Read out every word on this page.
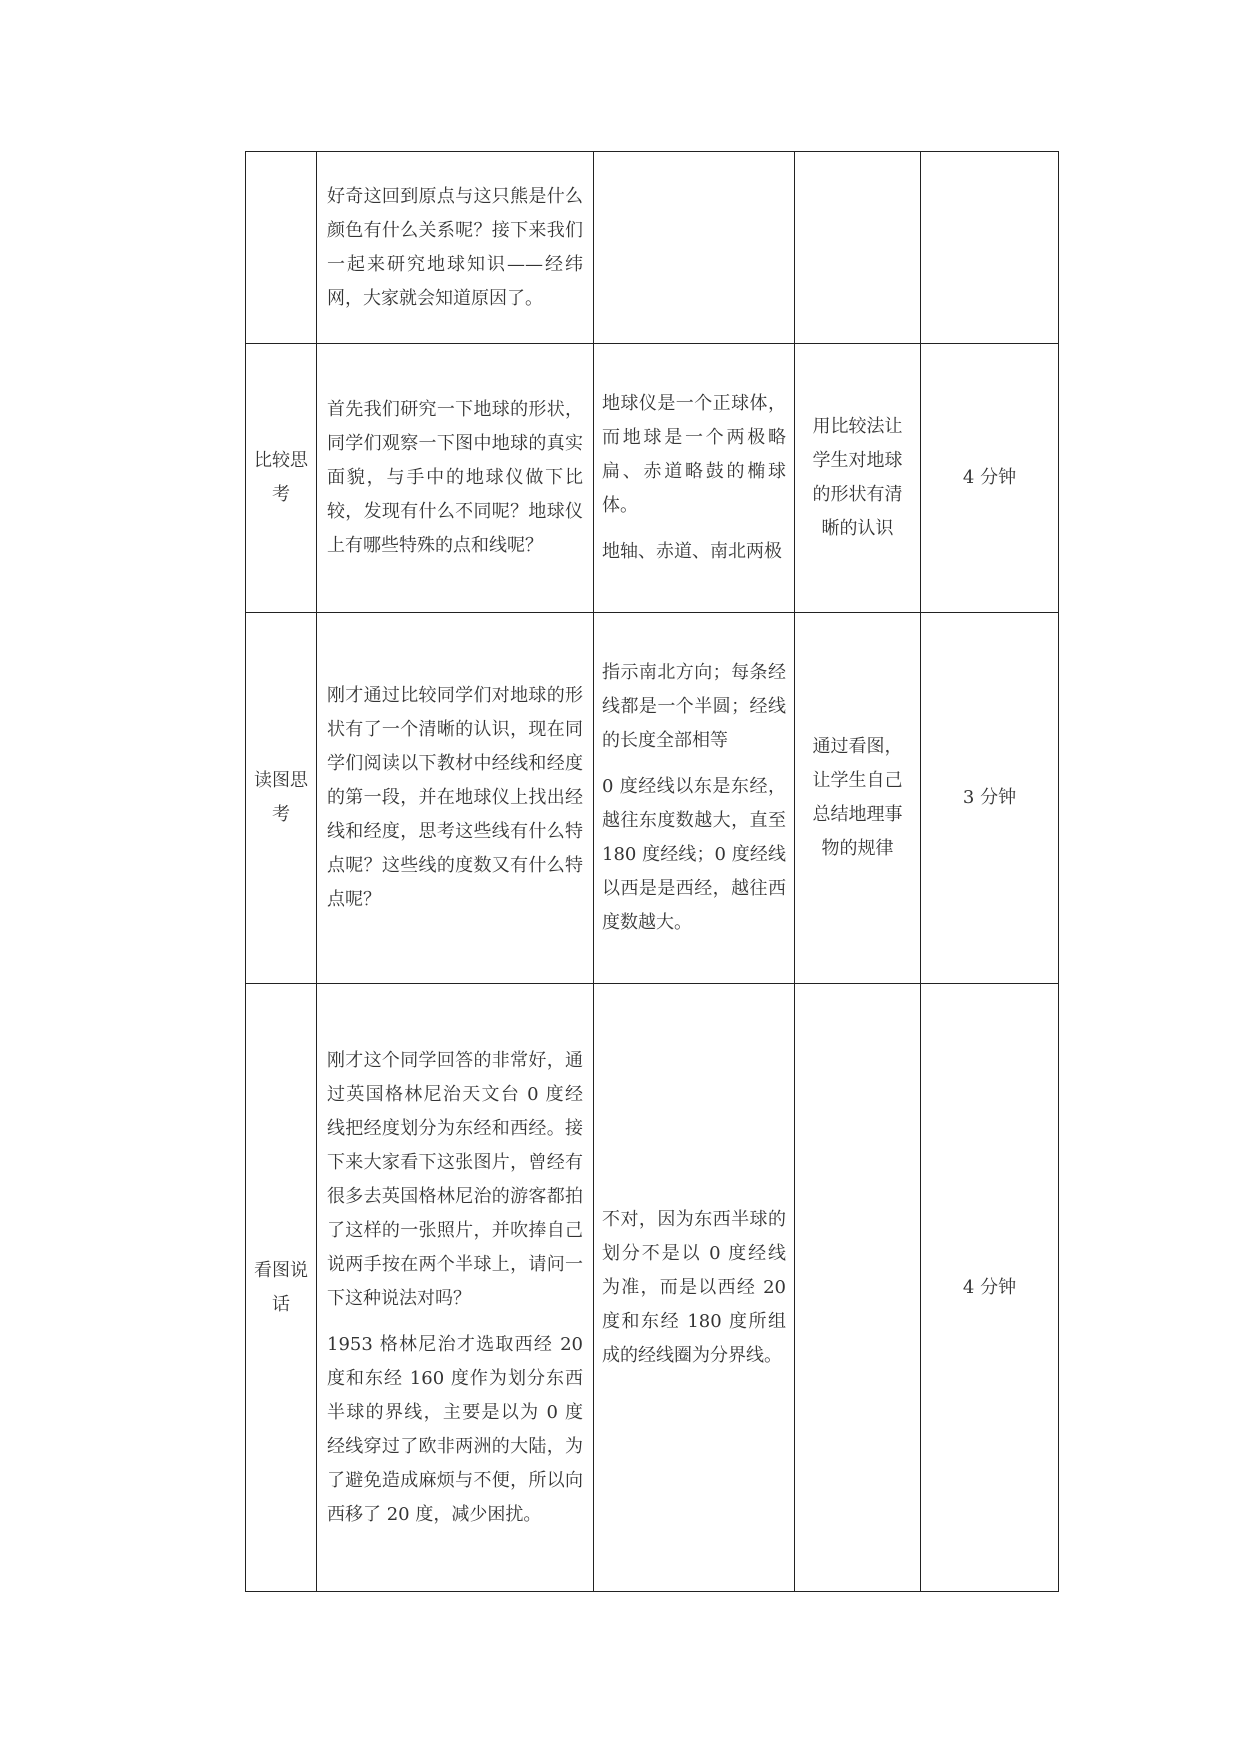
	好奇这回到原点与这只熊是什么颜色有什么关系呢？接下来我们一起来研究地球知识——经纬网，大家就会知道原因了。			

比较思考	首先我们研究一下地球的形状，同学们观察一下图中地球的真实面貌，与手中的地球仪做下比较，发现有什么不同呢？地球仪上有哪些特殊的点和线呢？	地球仪是一个正球体，而地球是一个两极略扁、赤道略鼓的椭球体。
地轴、赤道、南北两极	用比较法让学生对地球的形状有清晰的认识	4 分钟
读图思考	刚才通过比较同学们对地球的形状有了一个清晰的认识，现在同学们阅读以下教材中经线和经度的第一段，并在地球仪上找出经线和经度，思考这些线有什么特点呢？这些线的度数又有什么特点呢？	指示南北方向；每条经线都是一个半圆；经线的长度全部相等
0 度经线以东是东经，越往东度数越大，直至 180 度经线；0 度经线以西是是西经，越往西度数越大。	通过看图，让学生自己总结地理事物的规律	3 分钟
看图说话	刚才这个同学回答的非常好，通过英国格林尼治天文台 0 度经线把经度划分为东经和西经。接下来大家看下这张图片，曾经有很多去英国格林尼治的游客都拍了这样的一张照片，并吹捧自己说两手按在两个半球上，请问一下这种说法对吗？
1953 格林尼治才选取西经 20 度和东经 160 度作为划分东西半球的界线，主要是以为 0 度经线穿过了欧非两洲的大陆，为了避免造成麻烦与不便，所以向西移了 20 度，减少困扰。	不对，因为东西半球的划分不是以 0 度经线为准，而是以西经 20 度和东经 180 度所组成的经线圈为分界线。		4 分钟
